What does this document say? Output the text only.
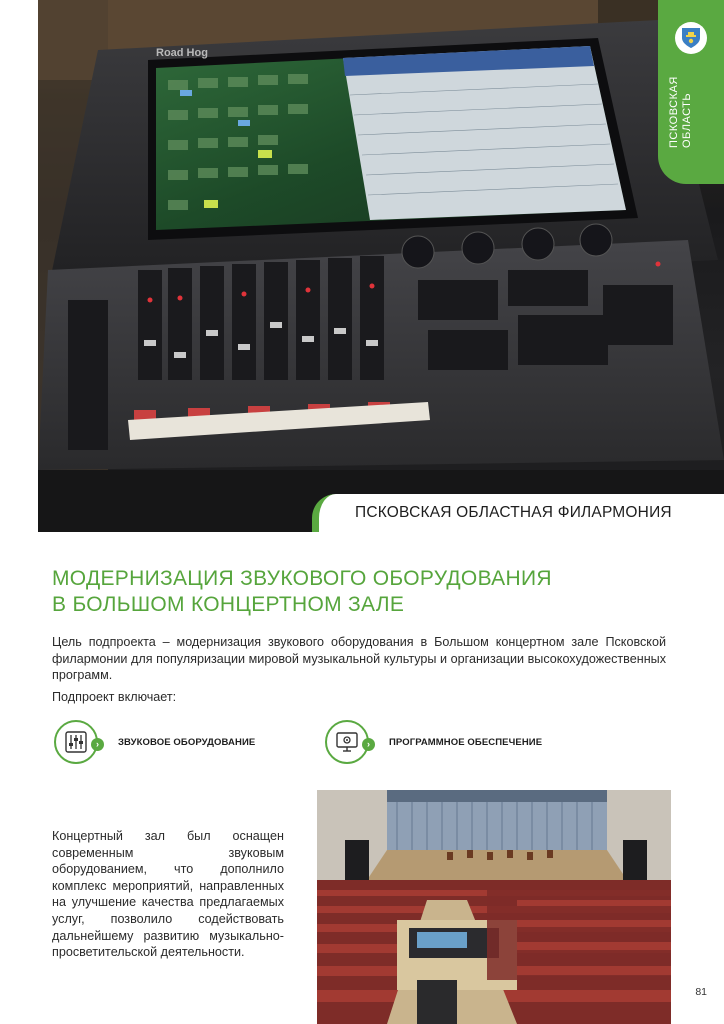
Road Hog
ПСКОВСКАЯ ОБЛАСТЬ
ПСКОВСКАЯ ОБЛАСТНАЯ ФИЛАРМОНИЯ
МОДЕРНИЗАЦИЯ ЗВУКОВОГО ОБОРУДОВАНИЯ
В БОЛЬШОМ КОНЦЕРТНОМ ЗАЛЕ

Цель подпроекта – модернизация звукового оборудования в Большом концертном зале Псковской филармонии для популяризации мировой музыкальной культуры и организации высокохудожественных программ.

Подпроект включает:

›	ЗВУКОВОЕ ОБОРУДОВАНИЕ	›	ПРОГРАММНОЕ ОБЕСПЕЧЕНИЕ

Концертный зал был оснащен современным звуковым оборудованием, что дополнило комплекс мероприятий, направленных на улучшение качества предлагаемых услуг, позволило содействовать дальнейшему развитию музыкально-просветительской деятельности.

81
